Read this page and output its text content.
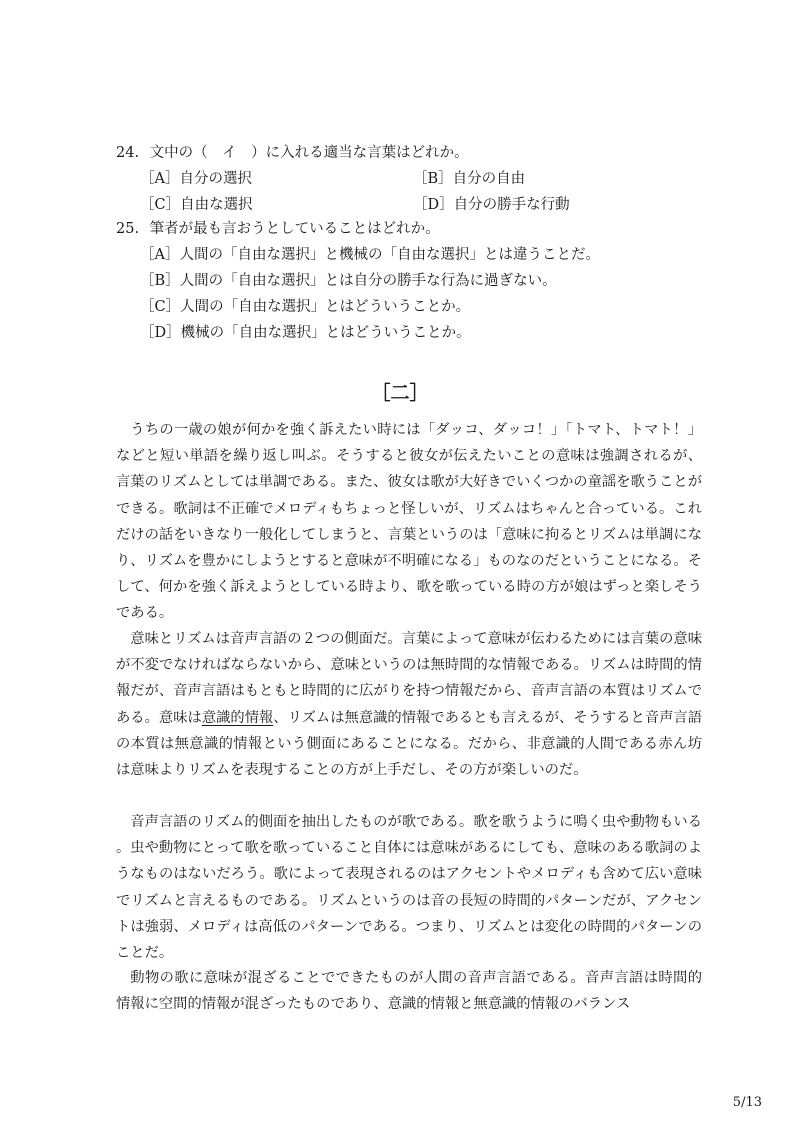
24. 文中の（　イ　）に入れる適当な言葉はどれか。
［A］自分の選択	［B］自分の自由
［C］自由な選択	［D］自分の勝手な行動
25. 筆者が最も言おうとしていることはどれか。
［A］人間の「自由な選択」と機械の「自由な選択」とは違うことだ。
［B］人間の「自由な選択」とは自分の勝手な行為に過ぎない。
［C］人間の「自由な選択」とはどういうことか。
［D］機械の「自由な選択」とはどういうことか。
［二］

うちの一歳の娘が何かを強く訴えたい時には「ダッコ、ダッコ！」「トマト、トマト！」などと短い単語を繰り返し叫ぶ。そうすると彼女が伝えたいことの意味は強調されるが、言葉のリズムとしては単調である。また、彼女は歌が大好きでいくつかの童謡を歌うことができる。歌詞は不正確でメロディもちょっと怪しいが、リズムはちゃんと合っている。これだけの話をいきなり一般化してしまうと、言葉というのは「意味に拘るとリズムは単調になり、リズムを豊かにしようとすると意味が不明確になる」ものなのだということになる。そして、何かを強く訴えようとしている時より、歌を歌っている時の方が娘はずっと楽しそうである。

意味とリズムは音声言語の２つの側面だ。言葉によって意味が伝わるためには言葉の意味が不変でなければならないから、意味というのは無時間的な情報である。リズムは時間的情報だが、音声言語はもともと時間的に広がりを持つ情報だから、音声言語の本質はリズムである。意味は意識的情報、リズムは無意識的情報であるとも言えるが、そうすると音声言語の本質は無意識的情報という側面にあることになる。だから、非意識的人間である赤ん坊は意味よりリズムを表現することの方が上手だし、その方が楽しいのだ。

音声言語のリズム的側面を抽出したものが歌である。歌を歌うように鳴く虫や動物もいる。虫や動物にとって歌を歌っていること自体には意味があるにしても、意味のある歌詞のようなものはないだろう。歌によって表現されるのはアクセントやメロディも含めて広い意味でリズムと言えるものである。リズムというのは音の長短の時間的パターンだが、アクセントは強弱、メロディは高低のパターンである。つまり、リズムとは変化の時間的パターンのことだ。

動物の歌に意味が混ざることでできたものが人間の音声言語である。音声言語は時間的情報に空間的情報が混ざったものであり、意識的情報と無意識的情報のバランス

5/13
